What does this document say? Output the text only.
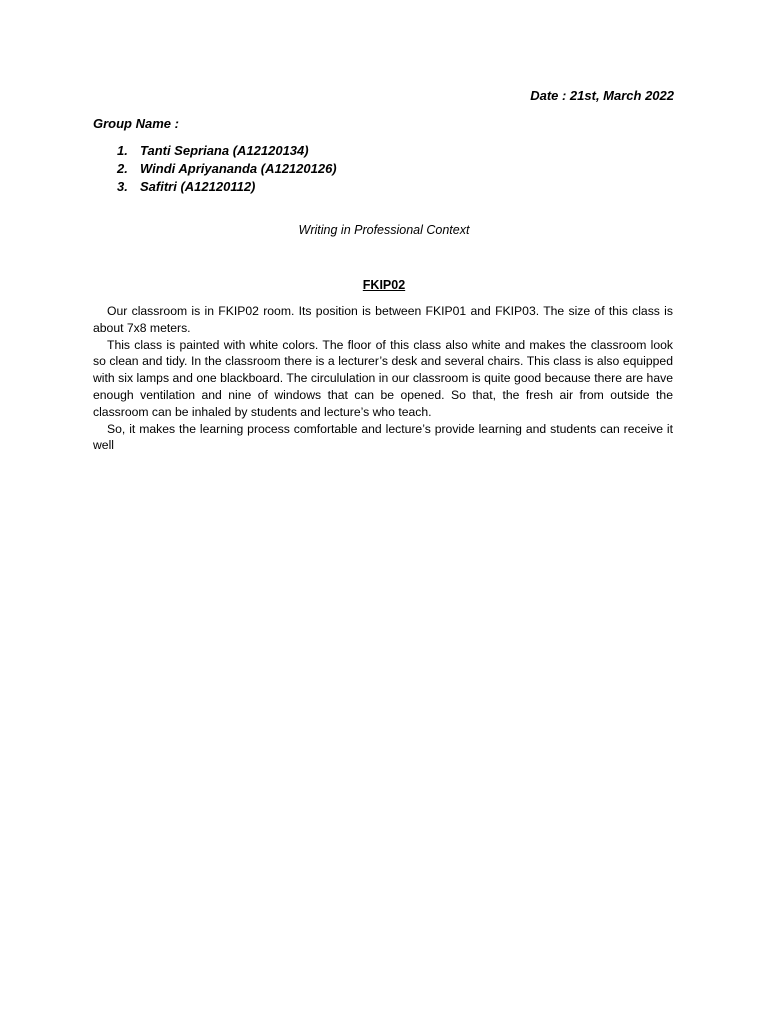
Date : 21st, March 2022
Group Name :
1. Tanti Sepriana (A12120134)
2. Windi Apriyananda (A12120126)
3. Safitri (A12120112)
Writing in Professional Context
FKIP02

Our classroom is in FKIP02 room. Its position is between FKIP01 and FKIP03. The size of this class is about 7x8 meters.

This class is painted with white colors. The floor of this class also white and makes the classroom look so clean and tidy. In the classroom there is a lecturer’s desk and several chairs. This class is also equipped with six lamps and one blackboard. The circululation in our classroom is quite good because there are have enough ventilation and nine of windows that can be opened. So that, the fresh air from outside the classroom can be inhaled by students and lecture’s who teach.

So, it makes the learning process comfortable and lecture’s provide learning and students can receive it well
